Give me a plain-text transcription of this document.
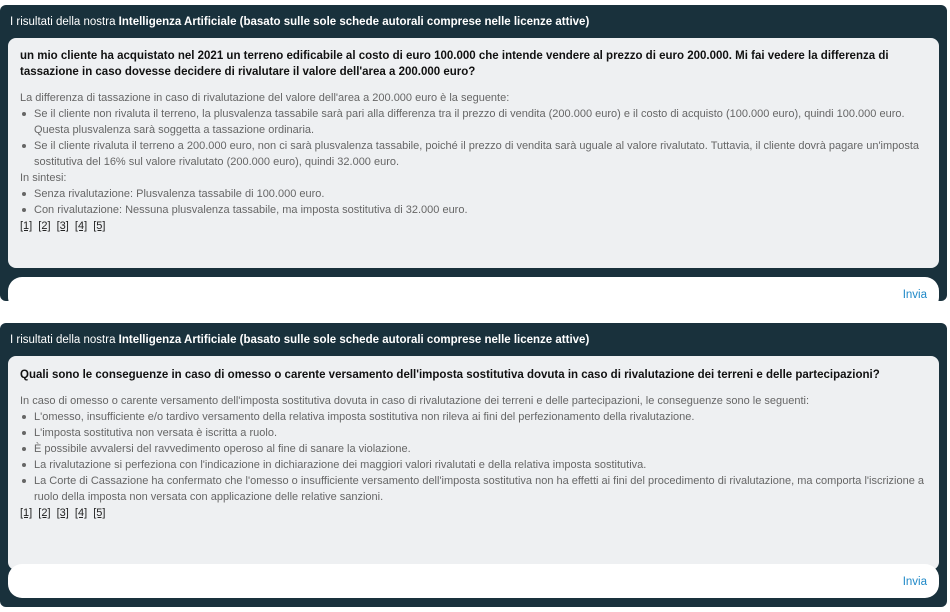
I risultati della nostra Intelligenza Artificiale (basato sulle sole schede autorali comprese nelle licenze attive)
un mio cliente ha acquistato nel 2021 un terreno edificabile al costo di euro 100.000 che intende vendere al prezzo di euro 200.000. Mi fai vedere la differenza di tassazione in caso dovesse decidere di rivalutare il valore dell'area a 200.000 euro?

La differenza di tassazione in caso di rivalutazione del valore dell'area a 200.000 euro è la seguente:

Se il cliente non rivaluta il terreno, la plusvalenza tassabile sarà pari alla differenza tra il prezzo di vendita (200.000 euro) e il costo di acquisto (100.000 euro), quindi 100.000 euro. Questa plusvalenza sarà soggetta a tassazione ordinaria.
Se il cliente rivaluta il terreno a 200.000 euro, non ci sarà plusvalenza tassabile, poiché il prezzo di vendita sarà uguale al valore rivalutato. Tuttavia, il cliente dovrà pagare un'imposta sostitutiva del 16% sul valore rivalutato (200.000 euro), quindi 32.000 euro.

In sintesi:

Senza rivalutazione: Plusvalenza tassabile di 100.000 euro.
Con rivalutazione: Nessuna plusvalenza tassabile, ma imposta sostitutiva di 32.000 euro.
[1] [2] [3] [4] [5]
Invia
I risultati della nostra Intelligenza Artificiale (basato sulle sole schede autorali comprese nelle licenze attive)
Quali sono le conseguenze in caso di omesso o carente versamento dell'imposta sostitutiva dovuta in caso di rivalutazione dei terreni e delle partecipazioni?

In caso di omesso o carente versamento dell'imposta sostitutiva dovuta in caso di rivalutazione dei terreni e delle partecipazioni, le conseguenze sono le seguenti:

L'omesso, insufficiente e/o tardivo versamento della relativa imposta sostitutiva non rileva ai fini del perfezionamento della rivalutazione.
L'imposta sostitutiva non versata è iscritta a ruolo.
È possibile avvalersi del ravvedimento operoso al fine di sanare la violazione.
La rivalutazione si perfeziona con l'indicazione in dichiarazione dei maggiori valori rivalutati e della relativa imposta sostitutiva.
La Corte di Cassazione ha confermato che l'omesso o insufficiente versamento dell'imposta sostitutiva non ha effetti ai fini del procedimento di rivalutazione, ma comporta l'iscrizione a ruolo della imposta non versata con applicazione delle relative sanzioni.
[1] [2] [3] [4] [5]
Invia
